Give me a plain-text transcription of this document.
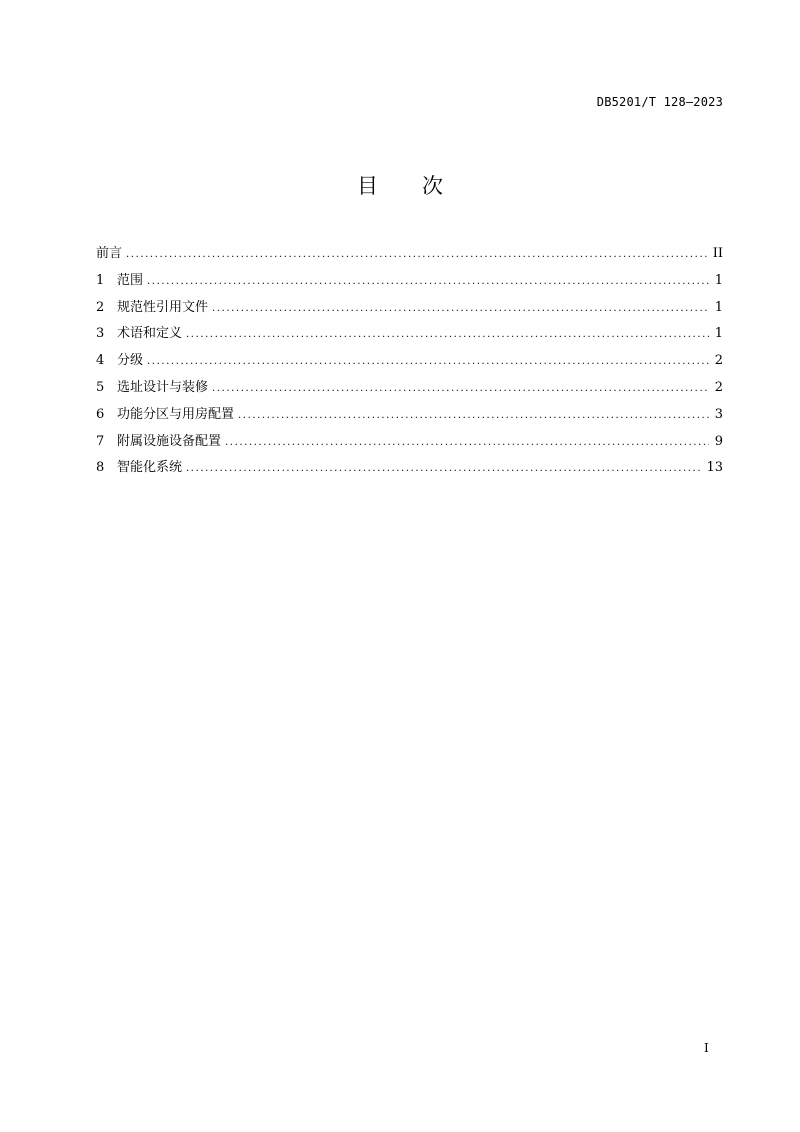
DB5201/T 128—2023
目 次
前言 .....	II
1 范围 .....	1
2 规范性引用文件 .....	1
3 术语和定义 .....	1
4 分级 .....	2
5 选址设计与装修 .....	2
6 功能分区与用房配置 .....	3
7 附属设施设备配置 .....	9
8 智能化系统 .....	13
I
